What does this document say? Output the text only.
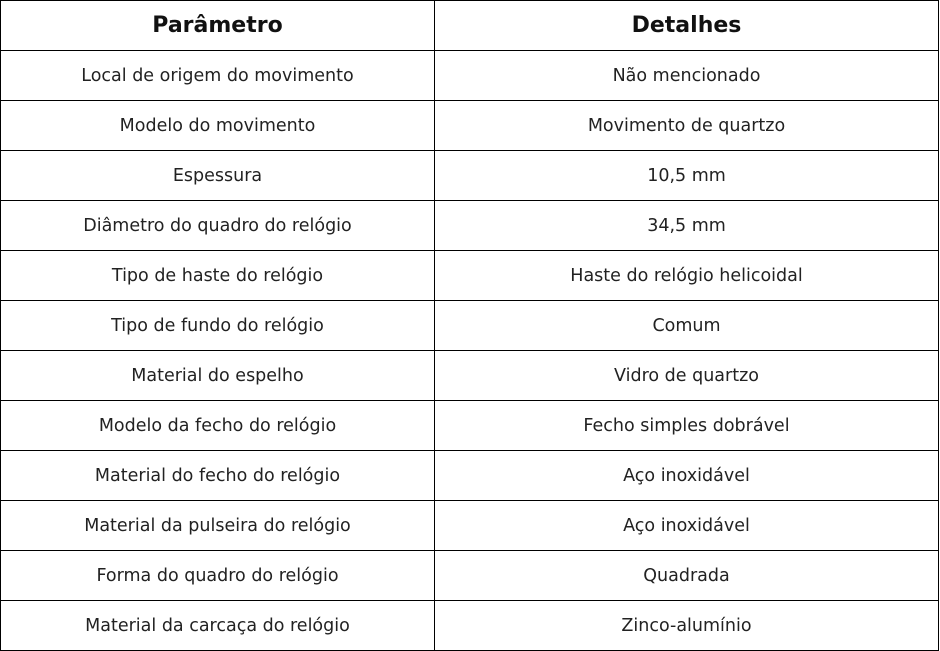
Parâmetro	Detalhes
Local de origem do movimento	Não mencionado
Modelo do movimento	Movimento de quartzo
Espessura	10,5 mm
Diâmetro do quadro do relógio	34,5 mm
Tipo de haste do relógio	Haste do relógio helicoidal
Tipo de fundo do relógio	Comum
Material do espelho	Vidro de quartzo
Modelo da fecho do relógio	Fecho simples dobrável
Material do fecho do relógio	Aço inoxidável
Material da pulseira do relógio	Aço inoxidável
Forma do quadro do relógio	Quadrada
Material da carcaça do relógio	Zinco-alumínio
